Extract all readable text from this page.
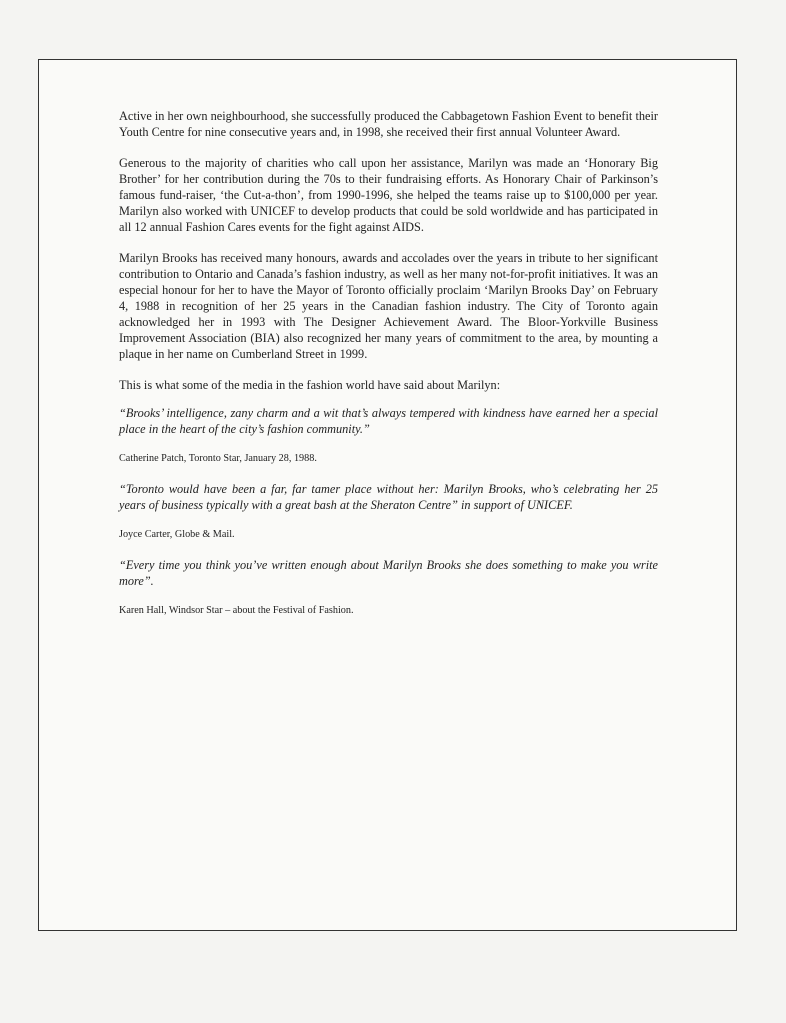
Active in her own neighbourhood, she successfully produced the Cabbagetown Fashion Event to benefit their Youth Centre for nine consecutive years and, in 1998, she received their first annual Volunteer Award.

Generous to the majority of charities who call upon her assistance, Marilyn was made an ‘Honorary Big Brother’ for her contribution during the 70s to their fundraising efforts. As Honorary Chair of Parkinson’s famous fund-raiser, ‘the Cut-a-thon’, from 1990-1996, she helped the teams raise up to $100,000 per year. Marilyn also worked with UNICEF to develop products that could be sold worldwide and has participated in all 12 annual Fashion Cares events for the fight against AIDS.

Marilyn Brooks has received many honours, awards and accolades over the years in tribute to her significant contribution to Ontario and Canada’s fashion industry, as well as her many not-for-profit initiatives. It was an especial honour for her to have the Mayor of Toronto officially proclaim ‘Marilyn Brooks Day’ on February 4, 1988 in recognition of her 25 years in the Canadian fashion industry. The City of Toronto again acknowledged her in 1993 with The Designer Achievement Award. The Bloor-Yorkville Business Improvement Association (BIA) also recognized her many years of commitment to the area, by mounting a plaque in her name on Cumberland Street in 1999.

This is what some of the media in the fashion world have said about Marilyn:

“Brooks’ intelligence, zany charm and a wit that’s always tempered with kindness have earned her a special place in the heart of the city’s fashion community.”

Catherine Patch, Toronto Star, January 28, 1988.

“Toronto would have been a far, far tamer place without her: Marilyn Brooks, who’s celebrating her 25 years of business typically with a great bash at the Sheraton Centre” in support of UNICEF.

Joyce Carter, Globe & Mail.

“Every time you think you’ve written enough about Marilyn Brooks she does something to make you write more”.

Karen Hall, Windsor Star – about the Festival of Fashion.
